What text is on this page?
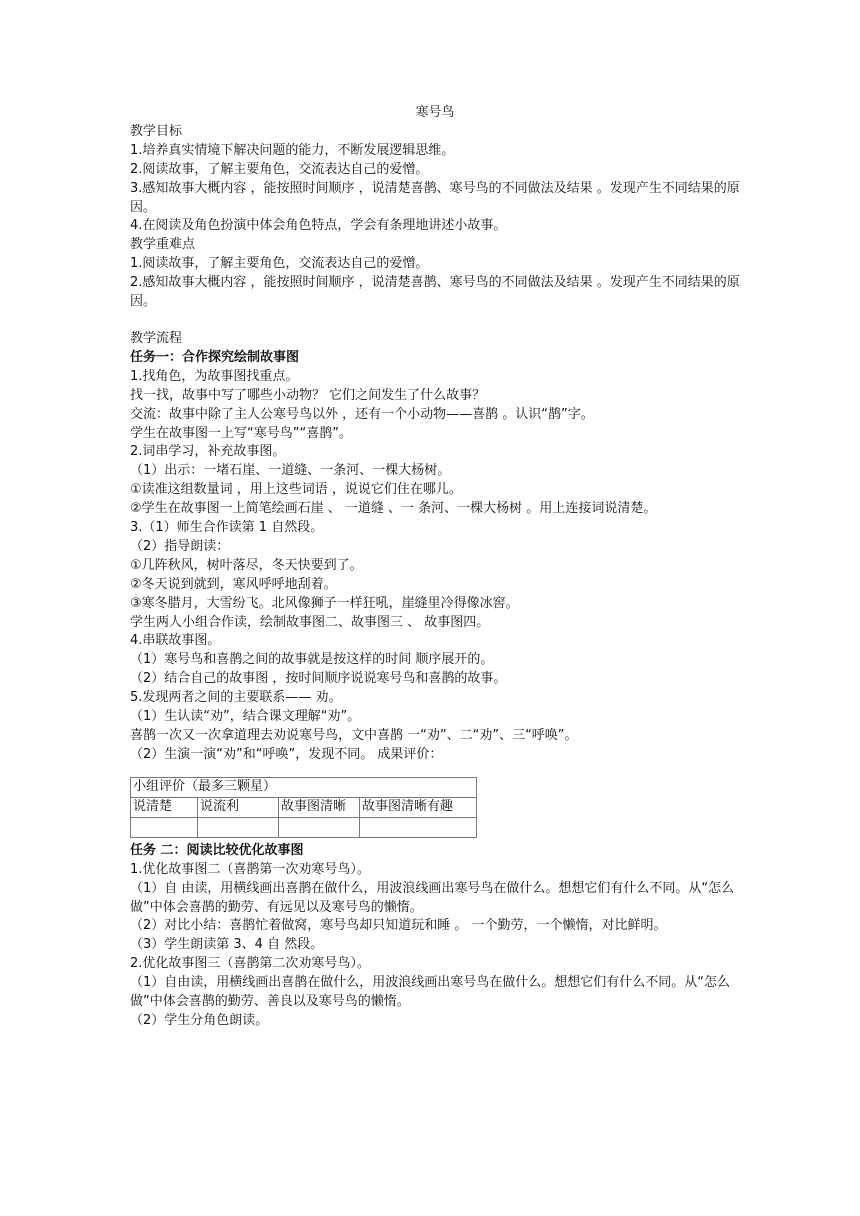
寒号鸟

教学目标

1.培养真实情境下解决问题的能力，不断发展逻辑思维。

2.阅读故事，了解主要角色，交流表达自己的爱憎。

3.感知故事大概内容 ，能按照时间顺序 ，说清楚喜鹊、寒号鸟的不同做法及结果 。发现产生不同结果的原因。

4.在阅读及角色扮演中体会角色特点，学会有条理地讲述小故事。

教学重难点

1.阅读故事，了解主要角色，交流表达自己的爱憎。

2.感知故事大概内容 ，能按照时间顺序 ，说清楚喜鹊、寒号鸟的不同做法及结果 。发现产生不同结果的原因。

教学流程

任务一：合作探究绘制故事图

1.找角色，为故事图找重点。

找一找，故事中写了哪些小动物？ 它们之间发生了什么故事？

交流：故事中除了主人公寒号鸟以外 ，还有一个小动物——喜鹊 。认识“鹊”字。

学生在故事图一上写“寒号鸟”“喜鹊”。

2.词串学习，补充故事图。

（1）出示：一堵石崖、一道缝、一条河、一棵大杨树。

①读准这组数量词 ，用上这些词语 ，说说它们住在哪儿。

②学生在故事图一上简笔绘画石崖 、 一道缝 、一 条河、一棵大杨树 。用上连接词说清楚。

3.（1）师生合作读第 1 自然段。

（2）指导朗读：

①几阵秋风，树叶落尽，冬天快要到了。

②冬天说到就到，寒风呼呼地刮着。

③寒冬腊月，大雪纷飞。北风像狮子一样狂吼，崖缝里冷得像冰窖。

学生两人小组合作读，绘制故事图二、故事图三 、 故事图四。

4.串联故事图。

（1）寒号鸟和喜鹊之间的故事就是按这样的时间 顺序展开的。

（2）结合自己的故事图 ，按时间顺序说说寒号鸟和喜鹊的故事。

5.发现两者之间的主要联系—— 劝。

（1）生认读“劝”，结合课文理解“劝”。

喜鹊一次又一次拿道理去劝说寒号鸟，文中喜鹊 一“劝”、二“劝”、三“呼唤”。

（2）生演一演“劝”和“呼唤”，发现不同。 成果评价：

小组评价（最多三颗星）			
说清楚	说流利	故事图清晰	故事图清晰有趣

任务 二：阅读比较优化故事图

1.优化故事图二（喜鹊第一次劝寒号鸟）。

（1）自 由读，用横线画出喜鹊在做什么，用波浪线画出寒号鸟在做什么。想想它们有什么不同。从“怎么 做”中体会喜鹊的勤劳、有远见以及寒号鸟的懒惰。

（2）对比小结：喜鹊忙着做窝，寒号鸟却只知道玩和睡 。 一个勤劳，一个懒惰，对比鲜明。

（3）学生朗读第 3、4 自 然段。

2.优化故事图三（喜鹊第二次劝寒号鸟）。

（1）自由读，用横线画出喜鹊在做什么，用波浪线画出寒号鸟在做什么。想想它们有什么不同。从“怎么做”中体会喜鹊的勤劳、善良以及寒号鸟的懒惰。

（2）学生分角色朗读。
